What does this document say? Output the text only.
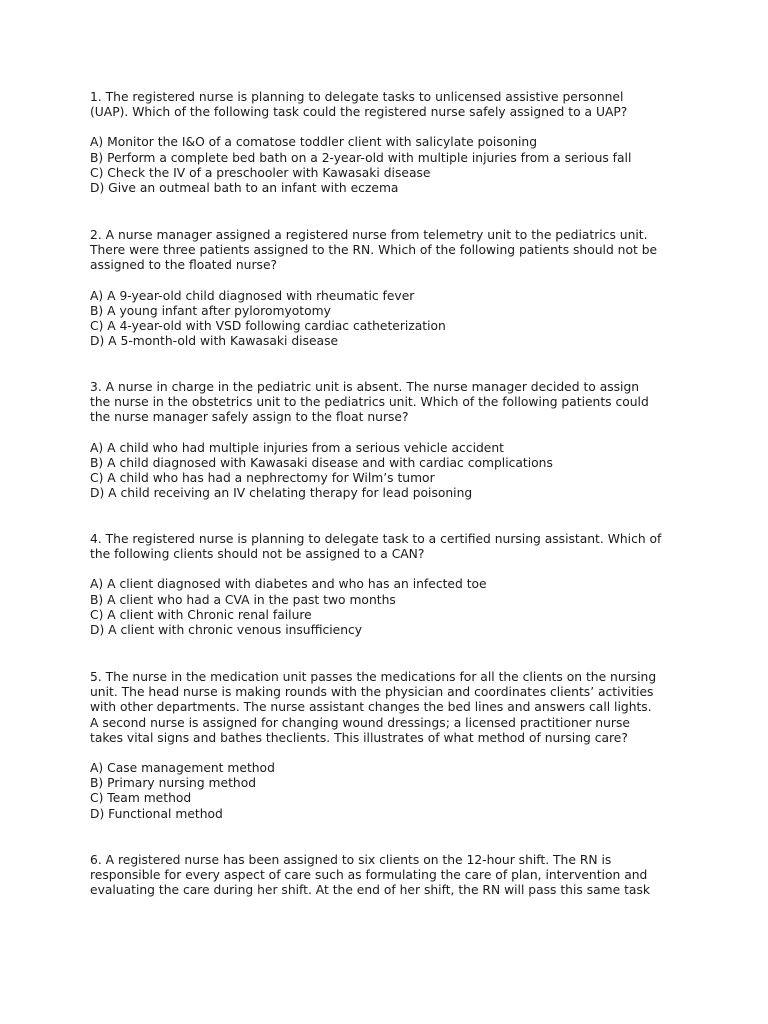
1. The registered nurse is planning to delegate tasks to unlicensed assistive personnel
(UAP). Which of the following task could the registered nurse safely assigned to a UAP?
A) Monitor the I&O of a comatose toddler client with salicylate poisoning
B) Perform a complete bed bath on a 2-year-old with multiple injuries from a serious fall
C) Check the IV of a preschooler with Kawasaki disease
D) Give an outmeal bath to an infant with eczema
2. A nurse manager assigned a registered nurse from telemetry unit to the pediatrics unit.
There were three patients assigned to the RN. Which of the following patients should not be
assigned to the floated nurse?
A) A 9-year-old child diagnosed with rheumatic fever
B) A young infant after pyloromyotomy
C) A 4-year-old with VSD following cardiac catheterization
D) A 5-month-old with Kawasaki disease
3. A nurse in charge in the pediatric unit is absent. The nurse manager decided to assign
the nurse in the obstetrics unit to the pediatrics unit. Which of the following patients could
the nurse manager safely assign to the float nurse?
A) A child who had multiple injuries from a serious vehicle accident
B) A child diagnosed with Kawasaki disease and with cardiac complications
C) A child who has had a nephrectomy for Wilm’s tumor
D) A child receiving an IV chelating therapy for lead poisoning
4. The registered nurse is planning to delegate task to a certified nursing assistant. Which of
the following clients should not be assigned to a CAN?
A) A client diagnosed with diabetes and who has an infected toe
B) A client who had a CVA in the past two months
C) A client with Chronic renal failure
D) A client with chronic venous insufficiency
5. The nurse in the medication unit passes the medications for all the clients on the nursing
unit. The head nurse is making rounds with the physician and coordinates clients’ activities
with other departments. The nurse assistant changes the bed lines and answers call lights.
A second nurse is assigned for changing wound dressings; a licensed practitioner nurse
takes vital signs and bathes theclients. This illustrates of what method of nursing care?
A) Case management method
B) Primary nursing method
C) Team method
D) Functional method
6. A registered nurse has been assigned to six clients on the 12-hour shift. The RN is
responsible for every aspect of care such as formulating the care of plan, intervention and
evaluating the care during her shift. At the end of her shift, the RN will pass this same task
